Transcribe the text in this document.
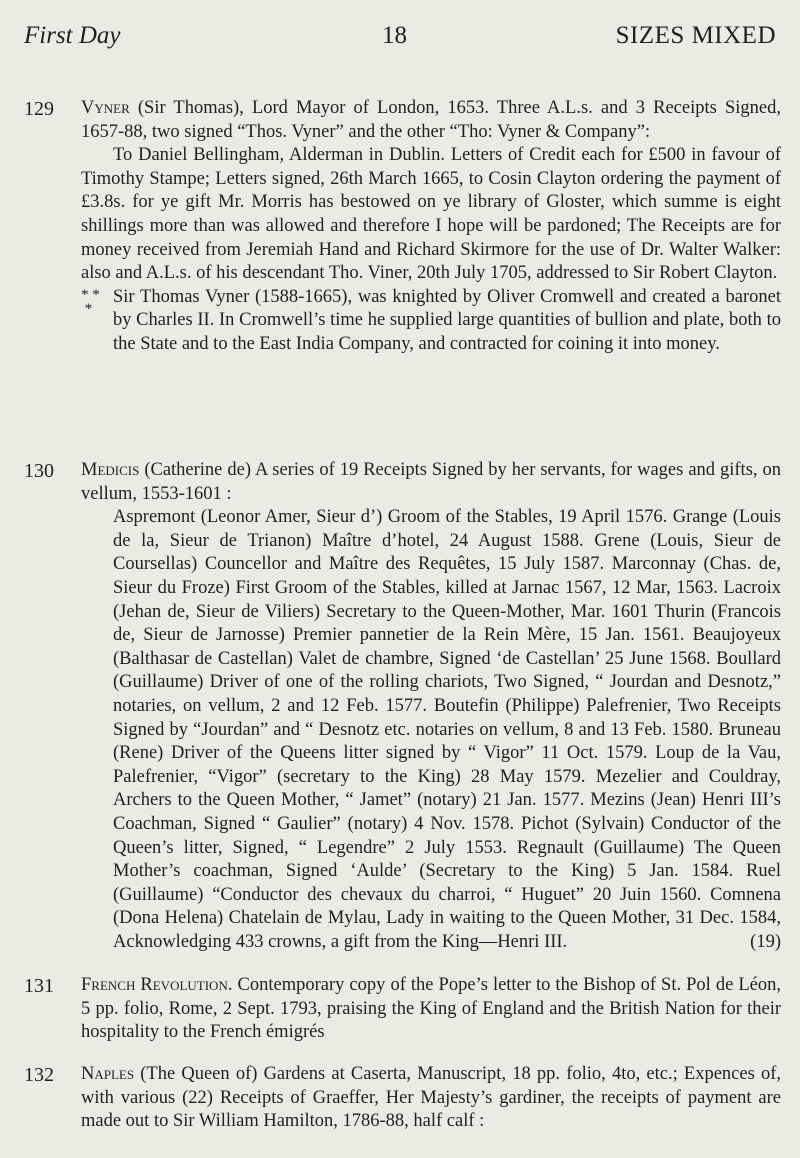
First Day	18	SIZES MIXED
129 Vyner (Sir Thomas), Lord Mayor of London, 1653. Three A.L.s. and 3 Receipts Signed, 1657-88, two signed “Thos. Vyner” and the other “Tho: Vyner & Company”:

To Daniel Bellingham, Alderman in Dublin. Letters of Credit each for £500 in favour of Timothy Stampe; Letters signed, 26th March 1665, to Cosin Clayton ordering the payment of £3.8s. for ye gift Mr. Morris has bestowed on ye library of Gloster, which summe is eight shillings more than was allowed and therefore I hope will be pardoned; The Receipts are for money received from Jeremiah Hand and Richard Skirmore for the use of Dr. Walter Walker: also and A.L.s. of his descendant Tho. Viner, 20th July 1705, addressed to Sir Robert Clayton.

* *
*
Sir Thomas Vyner (1588-1665), was knighted by Oliver Cromwell and created a baronet by Charles II. In Cromwell’s time he supplied large quantities of bullion and plate, both to the State and to the East India Company, and contracted for coining it into money.

130 Medicis (Catherine de) A series of 19 Receipts Signed by her servants, for wages and gifts, on vellum, 1553-1601 :

Aspremont (Leonor Amer, Sieur d’) Groom of the Stables, 19 April 1576. Grange (Louis de la, Sieur de Trianon) Maître d’hotel, 24 August 1588. Grene (Louis, Sieur de Coursellas) Councellor and Maître des Requêtes, 15 July 1587. Marconnay (Chas. de, Sieur du Froze) First Groom of the Stables, killed at Jarnac 1567, 12 Mar, 1563. Lacroix (Jehan de, Sieur de Viliers) Secretary to the Queen-Mother, Mar. 1601 Thurin (Francois de, Sieur de Jarnosse) Premier pannetier de la Rein Mère, 15 Jan. 1561. Beaujoyeux (Balthasar de Castellan) Valet de chambre, Signed ‘de Castellan’ 25 June 1568. Boullard (Guillaume) Driver of one of the rolling chariots, Two Signed, “ Jourdan and Desnotz,” notaries, on vellum, 2 and 12 Feb. 1577. Boutefin (Philippe) Palefrenier, Two Receipts Signed by “Jourdan” and “ Desnotz etc. notaries on vellum, 8 and 13 Feb. 1580. Bruneau (Rene) Driver of the Queens litter signed by “ Vigor” 11 Oct. 1579. Loup de la Vau, Palefrenier, “Vigor” (secretary to the King) 28 May 1579. Mezelier and Couldray, Archers to the Queen Mother, “ Jamet” (notary) 21 Jan. 1577. Mezins (Jean) Henri III’s Coachman, Signed “ Gaulier” (notary) 4 Nov. 1578. Pichot (Sylvain) Conductor of the Queen’s litter, Signed, “ Legendre” 2 July 1553. Regnault (Guillaume) The Queen Mother’s coachman, Signed ‘Aulde’ (Secretary to the King) 5 Jan. 1584. Ruel (Guillaume) “Conductor des chevaux du charroi, “ Huguet” 20 Juin 1560. Comnena (Dona Helena) Chatelain de Mylau, Lady in waiting to the Queen Mother, 31 Dec. 1584, Acknowledging 433 crowns, a gift from the King—Henri III.	(19)

131 French Revolution. Contemporary copy of the Pope’s letter to the Bishop of St. Pol de Léon, 5 pp. folio, Rome, 2 Sept. 1793, praising the King of England and the British Nation for their hospitality to the French émigrés

132 Naples (The Queen of) Gardens at Caserta, Manuscript, 18 pp. folio, 4to, etc.; Expences of, with various (22) Receipts of Graeffer, Her Majesty’s gardiner, the receipts of payment are made out to Sir William Hamilton, 1786-88, half calf :
